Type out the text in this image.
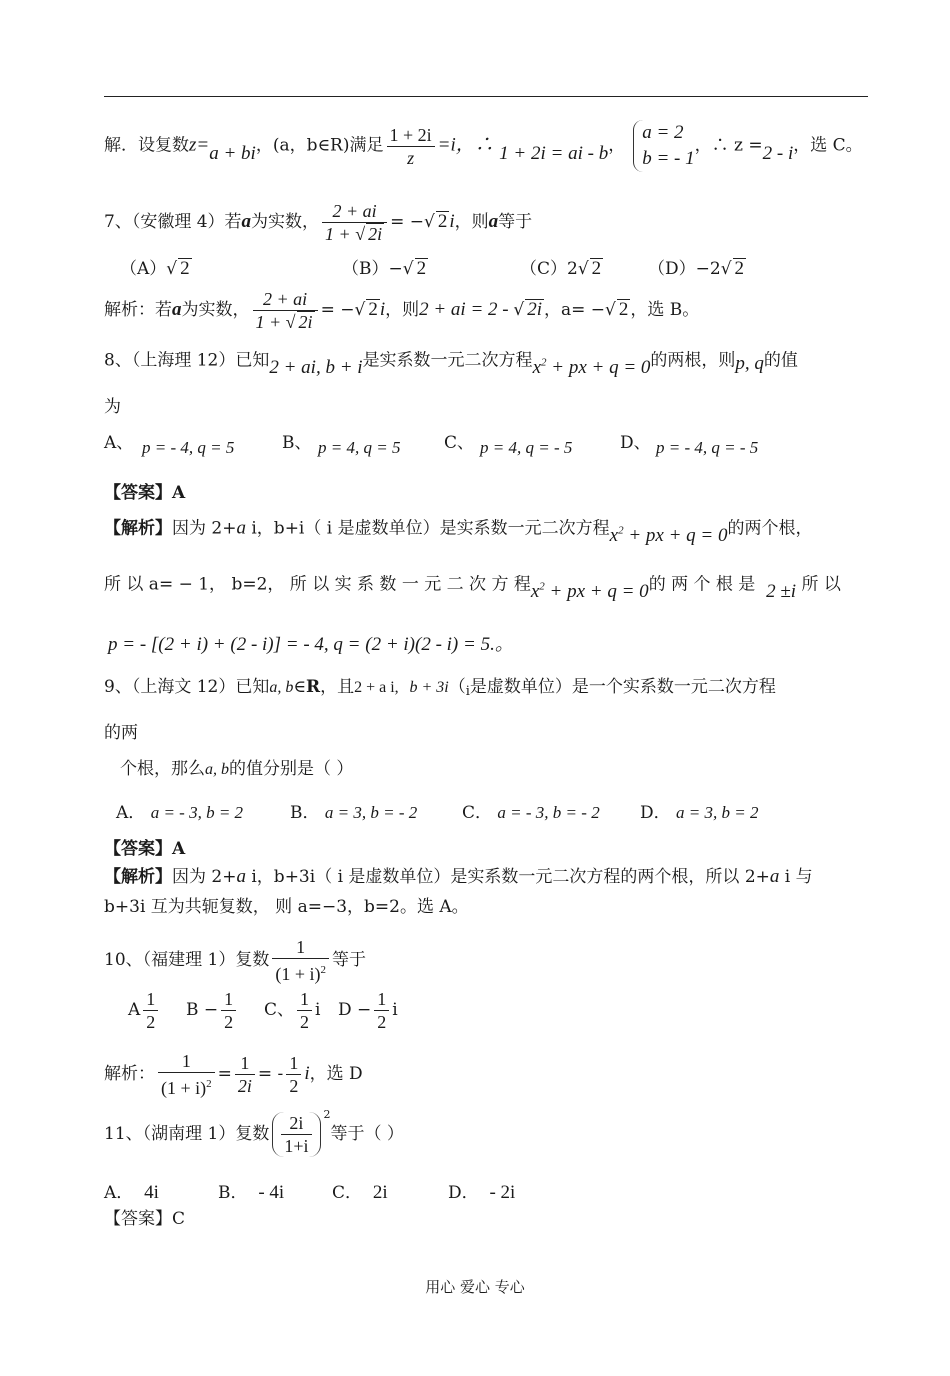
解．设复数z=a + bi，(a，b∈R)满足 $\frac{1 + 2i}{z} =i$，∴ 1 + 2i = ai - b，
a = 2
b = - 1
，∴ z =2 - i，选 C。
7、（安徽理 4）若a为实数， $\frac{2 + ai}{1 + √ 2i}$ = −√ 2 i，则a等于
（A）√ 2	（B）−√ 2	（C）2√ 2	（D）−2√ 2
解析：若a为实数， $\frac{2 + ai}{1 + √ 2i}$ = −√ 2 i，则2 + ai = 2 - √ 2i ，a= −√ 2 ，选 B。
8、（上海理 12）已知2 + ai, b + i是实系数一元二次方程$x^2$ + px + q = 0的两根，则p, q的值
为
A、 p = - 4, q = 5	B、 p = 4, q = 5	C、 p = 4, q = - 5	D、 p = - 4, q = - 5
【答案】A
【解析】因为 2+a i，b+i（ i 是虚数单位）是实系数一元二次方程$x^2$ + px + q = 0的两个根，
所 以 a= − 1， b=2， 所 以 实 系 数 一 元 二 次 方 程$x^2$ + px + q = 0的 两 个 根 是 2 ±i 所 以
p = - [(2 + i) + (2 - i)] = - 4, q = (2 + i)(2 - i) = 5.。
9、（上海文 12）已知a, b∈R，且2 + a i, b + 3i（i是虚数单位）是一个实系数一元二次方程
的两
个根，那么a, b的值分别是（ ）
A． a = - 3, b = 2	B． a = 3, b = - 2	C． a = - 3, b = - 2 D． a = 3, b = 2
【答案】A
【解析】因为 2+a i，b+3i（ i 是虚数单位）是实系数一元二次方程的两个根，所以 2+a i 与
b+3i 互为共轭复数， 则 a=−3，b=2。选 A。
10、（福建理 1）复数 $\frac{1}{(1 + i)^2}$ 等于
A $\frac{1}{2}$ $B - \frac{1}{2}$ C、 $\frac{1}{2}$ i $D - \frac{1}{2}$ i
解析： $\frac{1}{(1 + i)^2} = \frac{1}{2i}$ = - $\frac{1}{2}$ i，选 D
11、（湖南理 1）复数 $\frac{2i}{1+i} ^2$等于（ ）
A． 4i	B． - 4i	C． 2i	D． - 2i
【答案】C
用心 爱心 专心
